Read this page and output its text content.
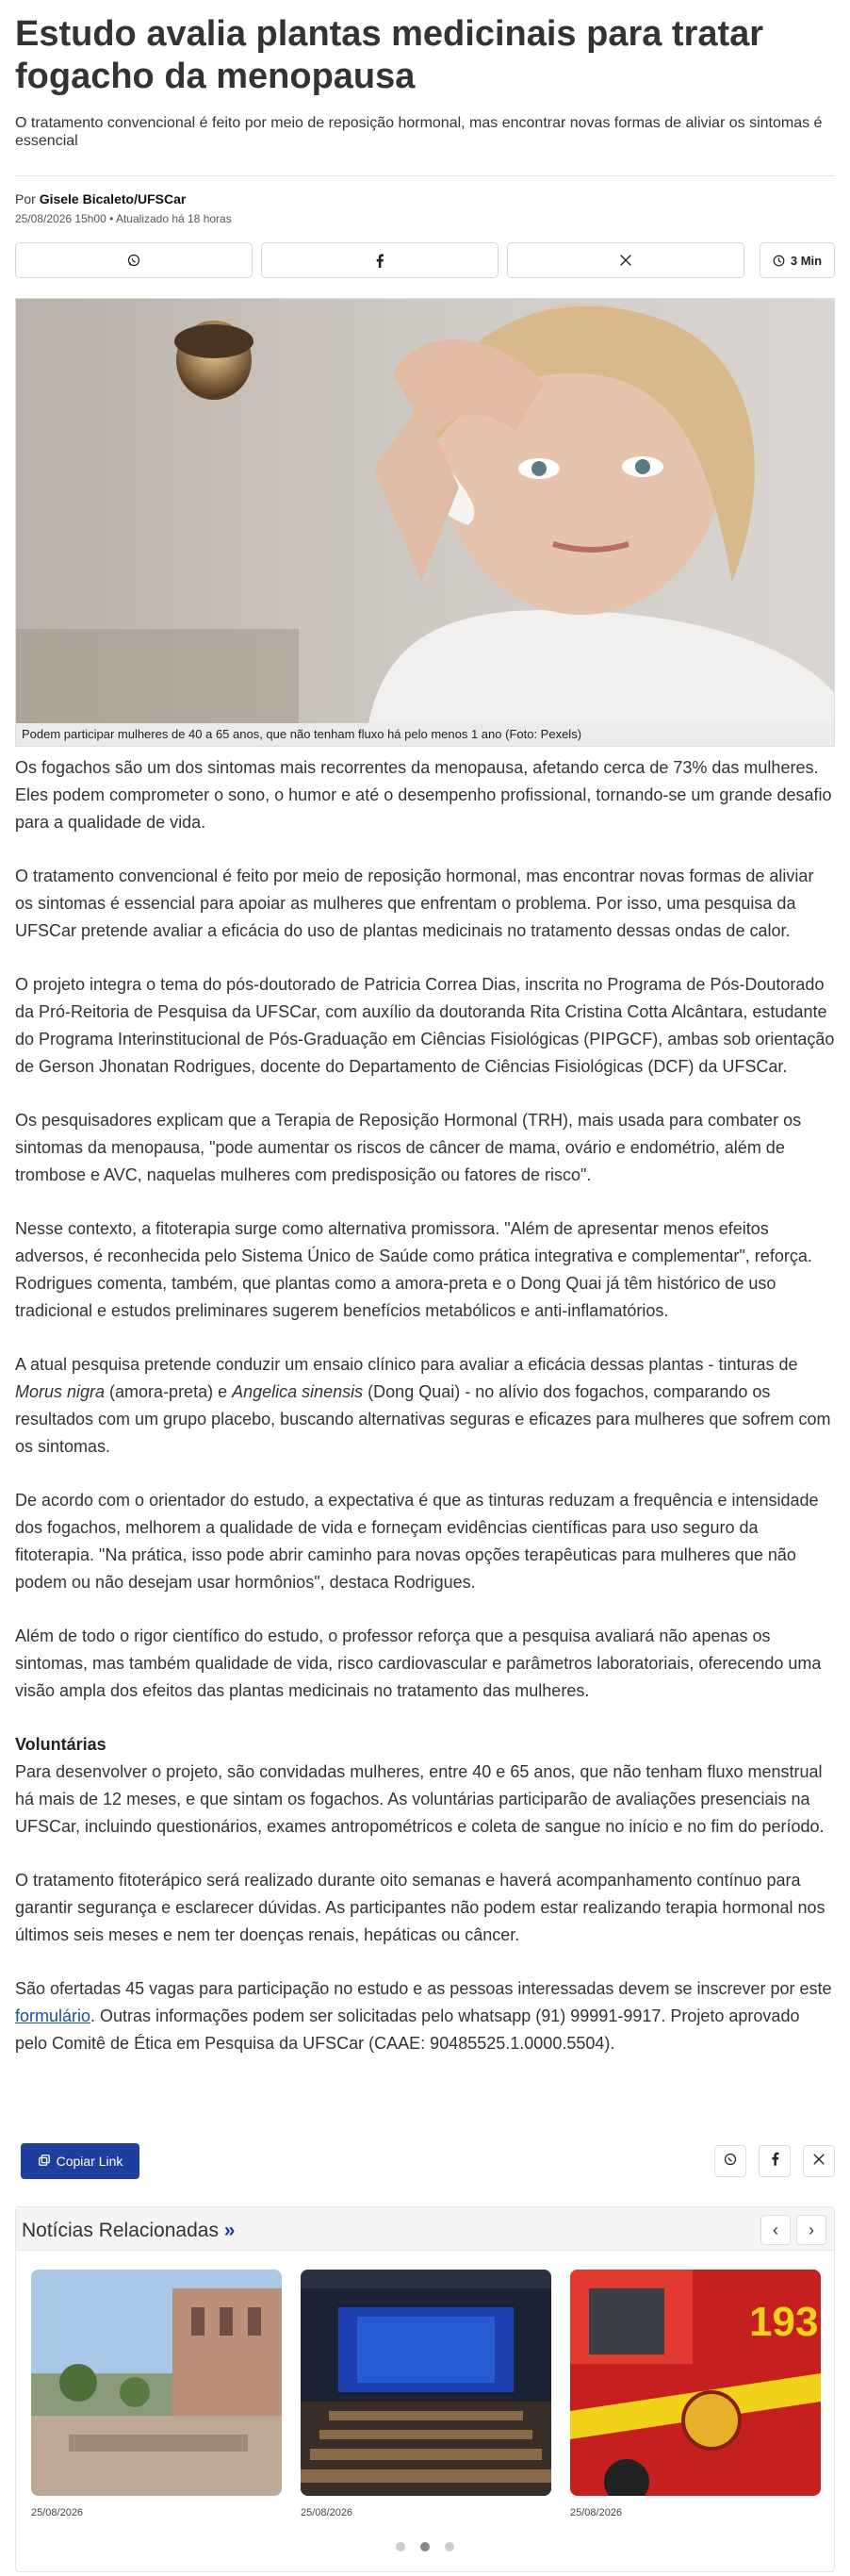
Estudo avalia plantas medicinais para tratar fogacho da menopausa

O tratamento convencional é feito por meio de reposição hormonal, mas encontrar novas formas de aliviar os sintomas é essencial

Por Gisele Bicaleto/UFSCar
25/08/2026 15h00 • Atualizado há 18 horas
3 Min
Podem participar mulheres de 40 a 65 anos, que não tenham fluxo há pelo menos 1 ano (Foto: Pexels)

Os fogachos são um dos sintomas mais recorrentes da menopausa, afetando cerca de 73% das mulheres. Eles podem comprometer o sono, o humor e até o desempenho profissional, tornando-se um grande desafio para a qualidade de vida.

O tratamento convencional é feito por meio de reposição hormonal, mas encontrar novas formas de aliviar os sintomas é essencial para apoiar as mulheres que enfrentam o problema. Por isso, uma pesquisa da UFSCar pretende avaliar a eficácia do uso de plantas medicinais no tratamento dessas ondas de calor.

O projeto integra o tema do pós-doutorado de Patricia Correa Dias, inscrita no Programa de Pós-Doutorado da Pró-Reitoria de Pesquisa da UFSCar, com auxílio da doutoranda Rita Cristina Cotta Alcântara, estudante do Programa Interinstitucional de Pós-Graduação em Ciências Fisiológicas (PIPGCF), ambas sob orientação de Gerson Jhonatan Rodrigues, docente do Departamento de Ciências Fisiológicas (DCF) da UFSCar.

Os pesquisadores explicam que a Terapia de Reposição Hormonal (TRH), mais usada para combater os sintomas da menopausa, "pode aumentar os riscos de câncer de mama, ovário e endométrio, além de trombose e AVC, naquelas mulheres com predisposição ou fatores de risco".

Nesse contexto, a fitoterapia surge como alternativa promissora. "Além de apresentar menos efeitos adversos, é reconhecida pelo Sistema Único de Saúde como prática integrativa e complementar", reforça. Rodrigues comenta, também, que plantas como a amora-preta e o Dong Quai já têm histórico de uso tradicional e estudos preliminares sugerem benefícios metabólicos e anti-inflamatórios.

A atual pesquisa pretende conduzir um ensaio clínico para avaliar a eficácia dessas plantas - tinturas de Morus nigra (amora-preta) e Angelica sinensis (Dong Quai) - no alívio dos fogachos, comparando os resultados com um grupo placebo, buscando alternativas seguras e eficazes para mulheres que sofrem com os sintomas.

De acordo com o orientador do estudo, a expectativa é que as tinturas reduzam a frequência e intensidade dos fogachos, melhorem a qualidade de vida e forneçam evidências científicas para uso seguro da fitoterapia. "Na prática, isso pode abrir caminho para novas opções terapêuticas para mulheres que não podem ou não desejam usar hormônios", destaca Rodrigues.

Além de todo o rigor científico do estudo, o professor reforça que a pesquisa avaliará não apenas os sintomas, mas também qualidade de vida, risco cardiovascular e parâmetros laboratoriais, oferecendo uma visão ampla dos efeitos das plantas medicinais no tratamento das mulheres.

Voluntárias

Para desenvolver o projeto, são convidadas mulheres, entre 40 e 65 anos, que não tenham fluxo menstrual há mais de 12 meses, e que sintam os fogachos. As voluntárias participarão de avaliações presenciais na UFSCar, incluindo questionários, exames antropométricos e coleta de sangue no início e no fim do período.

O tratamento fitoterápico será realizado durante oito semanas e haverá acompanhamento contínuo para garantir segurança e esclarecer dúvidas. As participantes não podem estar realizando terapia hormonal nos últimos seis meses e nem ter doenças renais, hepáticas ou câncer.

São ofertadas 45 vagas para participação no estudo e as pessoas interessadas devem se inscrever por este formulário. Outras informações podem ser solicitadas pelo whatsapp (91) 99991-9917. Projeto aprovado pelo Comitê de Ética em Pesquisa da UFSCar (CAAE: 90485525.1.0000.5504).

Copiar Link
Notícias Relacionadas »	‹ ›
25/08/2026	25/08/2026
193
25/08/2026
